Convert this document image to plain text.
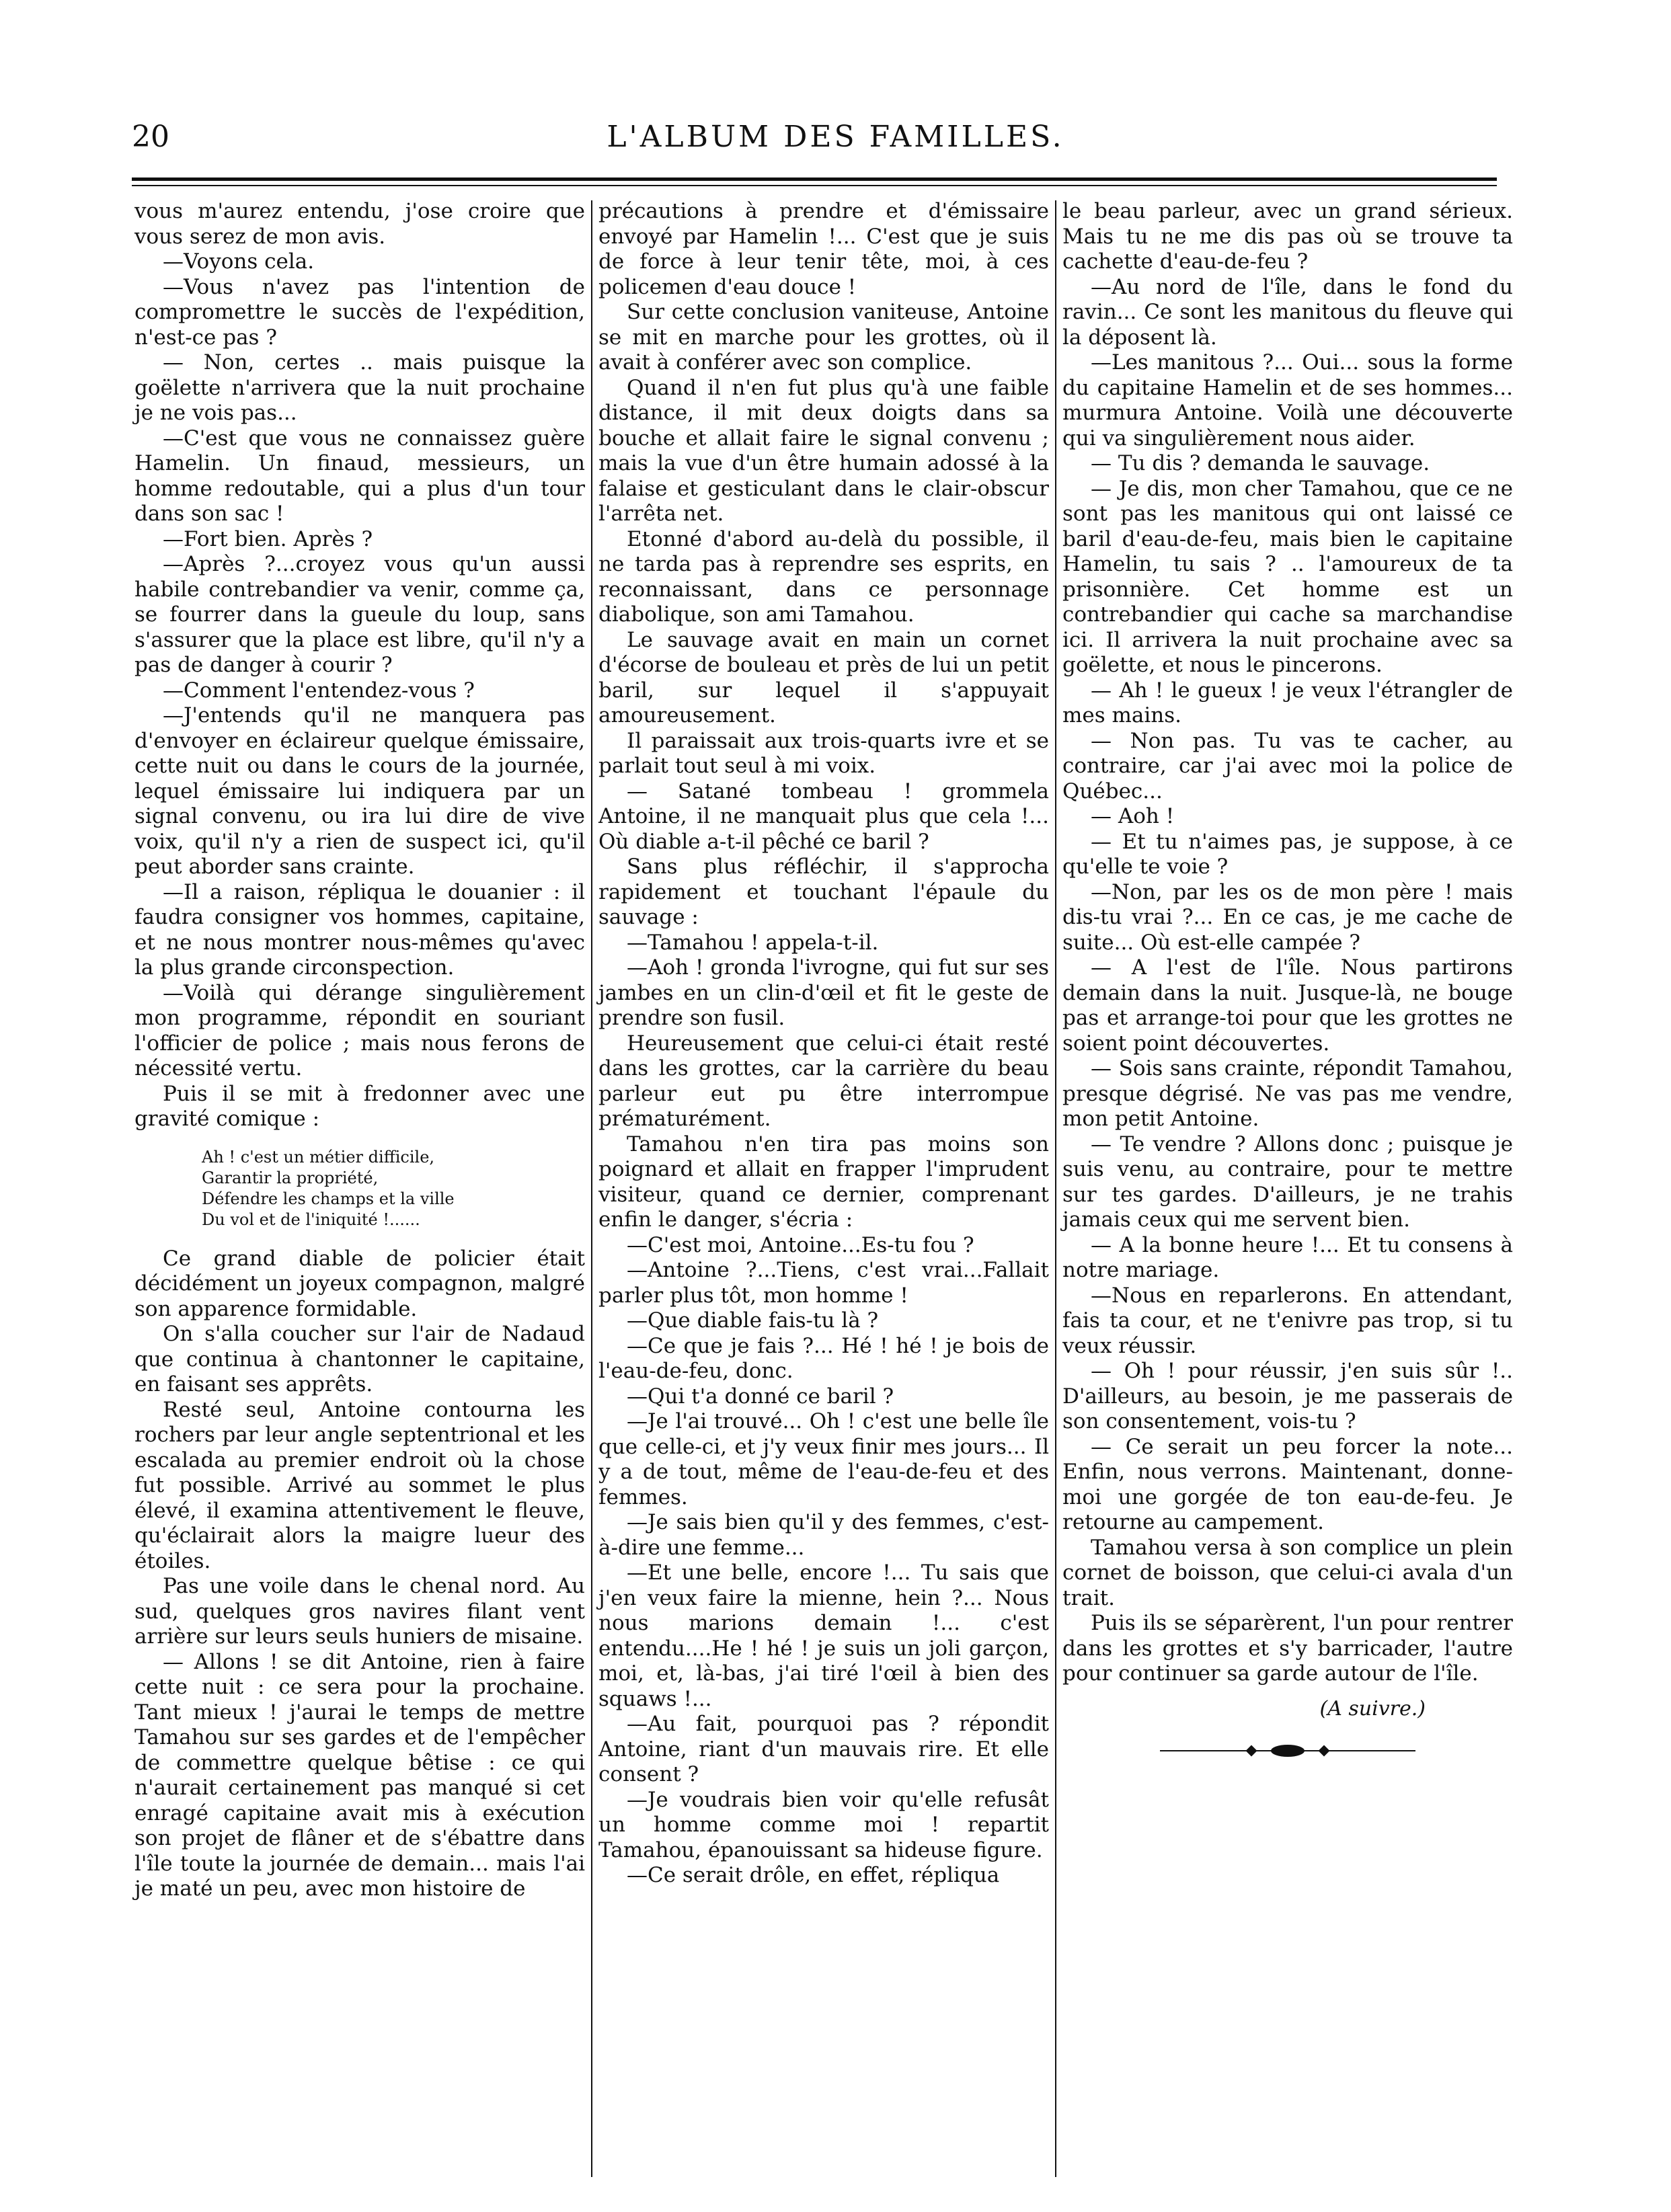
20	L'ALBUM DES FAMILLES.

vous m'aurez entendu, j'ose croire que vous serez de mon avis.

—Voyons cela.

—Vous n'avez pas l'intention de compromettre le succès de l'expédition, n'est-ce pas ?

— Non, certes .. mais puisque la goëlette n'arrivera que la nuit prochaine je ne vois pas...

—C'est que vous ne connaissez guère Hamelin. Un finaud, messieurs, un homme redoutable, qui a plus d'un tour dans son sac !

—Fort bien. Après ?

—Après ?...croyez vous qu'un aussi habile contrebandier va venir, comme ça, se fourrer dans la gueule du loup, sans s'assurer que la place est libre, qu'il n'y a pas de danger à courir ?

—Comment l'entendez-vous ?

—J'entends qu'il ne manquera pas d'envoyer en éclaireur quelque émissaire, cette nuit ou dans le cours de la journée, lequel émissaire lui indiquera par un signal convenu, ou ira lui dire de vive voix, qu'il n'y a rien de suspect ici, qu'il peut aborder sans crainte.

—Il a raison, répliqua le douanier : il faudra consigner vos hommes, capitaine, et ne nous montrer nous-mêmes qu'avec la plus grande circonspection.

—Voilà qui dérange singulièrement mon programme, répondit en souriant l'officier de police ; mais nous ferons de nécessité vertu.

Puis il se mit à fredonner avec une gravité comique :

Ah ! c'est un métier difficile,
Garantir la propriété,
Défendre les champs et la ville
Du vol et de l'iniquité !......

Ce grand diable de policier était décidément un joyeux compagnon, malgré son apparence formidable.

On s'alla coucher sur l'air de Nadaud que continua à chantonner le capitaine, en faisant ses apprêts.

Resté seul, Antoine contourna les rochers par leur angle septentrional et les escalada au premier endroit où la chose fut possible. Arrivé au sommet le plus élevé, il examina attentivement le fleuve, qu'éclairait alors la maigre lueur des étoiles.

Pas une voile dans le chenal nord. Au sud, quelques gros navires filant vent arrière sur leurs seuls huniers de misaine.

— Allons ! se dit Antoine, rien à faire cette nuit : ce sera pour la prochaine. Tant mieux ! j'aurai le temps de mettre Tamahou sur ses gardes et de l'empêcher de commettre quelque bêtise : ce qui n'aurait certainement pas manqué si cet enragé capitaine avait mis à exécution son projet de flâner et de s'ébattre dans l'île toute la journée de demain... mais l'ai je maté un peu, avec mon histoire de

précautions à prendre et d'émissaire envoyé par Hamelin !... C'est que je suis de force à leur tenir tête, moi, à ces policemen d'eau douce !

Sur cette conclusion vaniteuse, Antoine se mit en marche pour les grottes, où il avait à conférer avec son complice.

Quand il n'en fut plus qu'à une faible distance, il mit deux doigts dans sa bouche et allait faire le signal convenu ; mais la vue d'un être humain adossé à la falaise et gesticulant dans le clair-obscur l'arrêta net.

Etonné d'abord au-delà du possible, il ne tarda pas à reprendre ses esprits, en reconnaissant, dans ce personnage diabolique, son ami Tamahou.

Le sauvage avait en main un cornet d'écorse de bouleau et près de lui un petit baril, sur lequel il s'appuyait amoureusement.

Il paraissait aux trois-quarts ivre et se parlait tout seul à mi voix.

— Satané tombeau ! grommela Antoine, il ne manquait plus que cela !... Où diable a-t-il pêché ce baril ?

Sans plus réfléchir, il s'approcha rapidement et touchant l'épaule du sauvage :

—Tamahou ! appela-t-il.

—Aoh ! gronda l'ivrogne, qui fut sur ses jambes en un clin-d'œil et fit le geste de prendre son fusil.

Heureusement que celui-ci était resté dans les grottes, car la carrière du beau parleur eut pu être interrompue prématurément.

Tamahou n'en tira pas moins son poignard et allait en frapper l'imprudent visiteur, quand ce dernier, comprenant enfin le danger, s'écria :

—C'est moi, Antoine...Es-tu fou ?

—Antoine ?...Tiens, c'est vrai...Fallait parler plus tôt, mon homme !

—Que diable fais-tu là ?

—Ce que je fais ?... Hé ! hé ! je bois de l'eau-de-feu, donc.

—Qui t'a donné ce baril ?

—Je l'ai trouvé... Oh ! c'est une belle île que celle-ci, et j'y veux finir mes jours... Il y a de tout, même de l'eau-de-feu et des femmes.

—Je sais bien qu'il y des femmes, c'est-à-dire une femme...

—Et une belle, encore !... Tu sais que j'en veux faire la mienne, hein ?... Nous nous marions demain !... c'est entendu....He ! hé ! je suis un joli garçon, moi, et, là-bas, j'ai tiré l'œil à bien des squaws !...

—Au fait, pourquoi pas ? répondit Antoine, riant d'un mauvais rire. Et elle consent ?

—Je voudrais bien voir qu'elle refusât un homme comme moi ! repartit Tamahou, épanouissant sa hideuse figure.

—Ce serait drôle, en effet, répliqua

le beau parleur, avec un grand sérieux. Mais tu ne me dis pas où se trouve ta cachette d'eau-de-feu ?

—Au nord de l'île, dans le fond du ravin... Ce sont les manitous du fleuve qui la déposent là.

—Les manitous ?... Oui... sous la forme du capitaine Hamelin et de ses hommes... murmura Antoine. Voilà une découverte qui va singulièrement nous aider.

— Tu dis ? demanda le sauvage.

— Je dis, mon cher Tamahou, que ce ne sont pas les manitous qui ont laissé ce baril d'eau-de-feu, mais bien le capitaine Hamelin, tu sais ? .. l'amoureux de ta prisonnière. Cet homme est un contrebandier qui cache sa marchandise ici. Il arrivera la nuit prochaine avec sa goëlette, et nous le pincerons.

— Ah ! le gueux ! je veux l'étrangler de mes mains.

— Non pas. Tu vas te cacher, au contraire, car j'ai avec moi la police de Québec...

— Aoh !

— Et tu n'aimes pas, je suppose, à ce qu'elle te voie ?

—Non, par les os de mon père ! mais dis-tu vrai ?... En ce cas, je me cache de suite... Où est-elle campée ?

— A l'est de l'île. Nous partirons demain dans la nuit. Jusque-là, ne bouge pas et arrange-toi pour que les grottes ne soient point découvertes.

— Sois sans crainte, répondit Tamahou, presque dégrisé. Ne vas pas me vendre, mon petit Antoine.

— Te vendre ? Allons donc ; puisque je suis venu, au contraire, pour te mettre sur tes gardes. D'ailleurs, je ne trahis jamais ceux qui me servent bien.

— A la bonne heure !... Et tu consens à notre mariage.

—Nous en reparlerons. En attendant, fais ta cour, et ne t'enivre pas trop, si tu veux réussir.

— Oh ! pour réussir, j'en suis sûr !.. D'ailleurs, au besoin, je me passerais de son consentement, vois-tu ?

— Ce serait un peu forcer la note... Enfin, nous verrons. Maintenant, donne-moi une gorgée de ton eau-de-feu. Je retourne au campement.

Tamahou versa à son complice un plein cornet de boisson, que celui-ci avala d'un trait.

Puis ils se séparèrent, l'un pour rentrer dans les grottes et s'y barricader, l'autre pour continuer sa garde autour de l'île.

(A suivre.)
